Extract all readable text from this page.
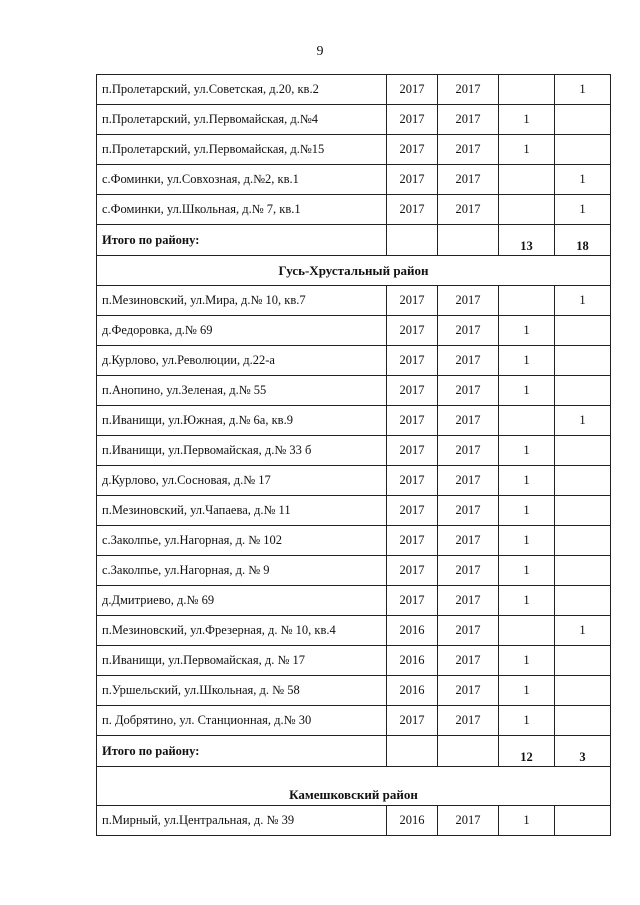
9
п.Пролетарский, ул.Советская, д.20, кв.2	2017	2017		1
п.Пролетарский, ул.Первомайская, д.№4	2017	2017	1	
п.Пролетарский, ул.Первомайская, д.№15	2017	2017	1	
с.Фоминки, ул.Совхозная, д.№2, кв.1	2017	2017		1
с.Фоминки, ул.Школьная, д.№ 7, кв.1	2017	2017		1
Итого по району:			13	18
Гусь-Хрустальный район				
п.Мезиновский, ул.Мира, д.№ 10, кв.7	2017	2017		1
д.Федоровка, д.№ 69	2017	2017	1	
д.Курлово, ул.Революции, д.22-а	2017	2017	1	
п.Анопино, ул.Зеленая, д.№ 55	2017	2017	1	
п.Иванищи, ул.Южная, д.№ 6а, кв.9	2017	2017		1
п.Иванищи, ул.Первомайская, д.№ 33 б	2017	2017	1	
д.Курлово, ул.Сосновая, д.№ 17	2017	2017	1	
п.Мезиновский, ул.Чапаева, д.№ 11	2017	2017	1	
с.Заколпье, ул.Нагорная, д. № 102	2017	2017	1	
с.Заколпье, ул.Нагорная, д. № 9	2017	2017	1	
д.Дмитриево, д.№ 69	2017	2017	1	
п.Мезиновский, ул.Фрезерная, д. № 10, кв.4	2016	2017		1
п.Иванищи, ул.Первомайская, д. № 17	2016	2017	1	
п.Уршельский, ул.Школьная, д. № 58	2016	2017	1	
п. Добрятино, ул. Станционная, д.№ 30	2017	2017	1	
Итого по району:			12	3
Камешковский район				
п.Мирный, ул.Центральная, д. № 39	2016	2017	1	
